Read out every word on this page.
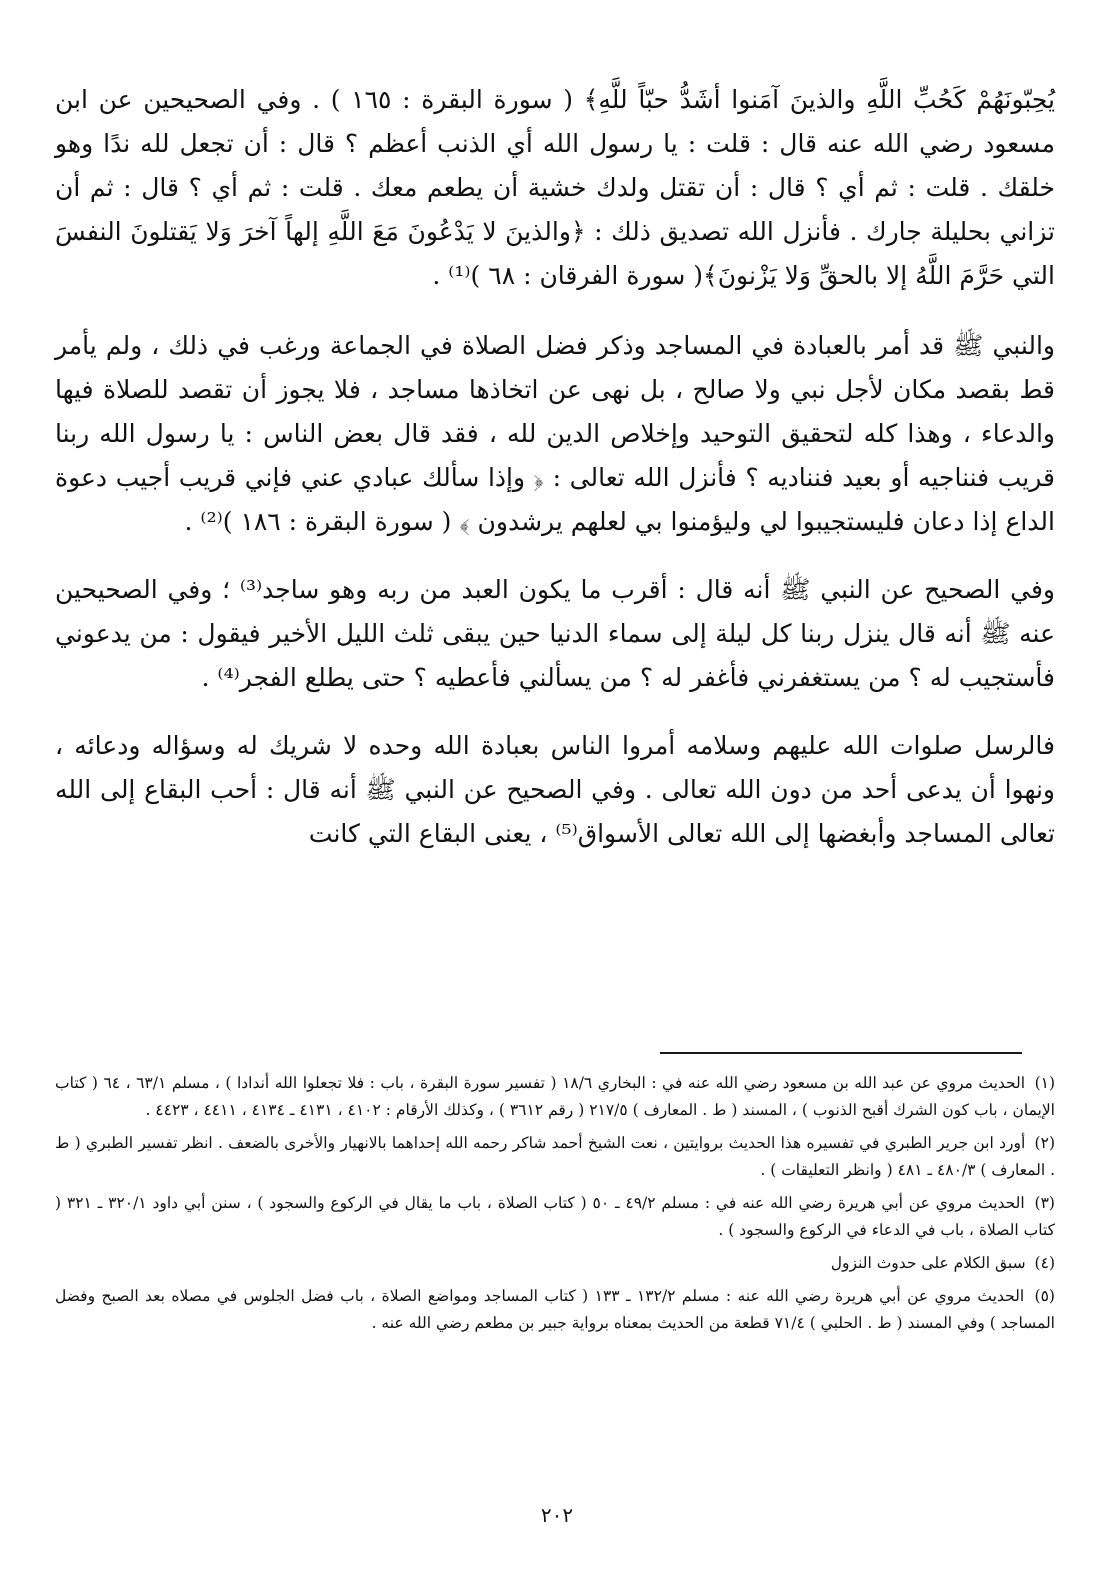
يُحِبّونَهُمْ كَحُبِّ اللَّهِ والذينَ آمَنوا أشَدُّ حبّاً للَّهِ﴾ ( سورة البقرة : ١٦٥ ) . وفي الصحيحين عن ابن مسعود رضي الله عنه قال : قلت : يا رسول الله أي الذنب أعظم ؟ قال : أن تجعل لله ندًا وهو خلقك . قلت : ثم أي ؟ قال : أن تقتل ولدك خشية أن يطعم معك . قلت : ثم أي ؟ قال : ثم أن تزاني بحليلة جارك . فأنزل الله تصديق ذلك : ﴿والذينَ لا يَدْعُونَ مَعَ اللَّهِ إلهاً آخرَ وَلا يَقتلونَ النفسَ التي حَرَّمَ اللَّهُ إلا بالحقِّ وَلا يَزْنونَ﴾( سورة الفرقان : ٦٨ )⁽¹⁾ .

والنبي ﷺ قد أمر بالعبادة في المساجد وذكر فضل الصلاة في الجماعة ورغب في ذلك ، ولم يأمر قط بقصد مكان لأجل نبي ولا صالح ، بل نهى عن اتخاذها مساجد ، فلا يجوز أن تقصد للصلاة فيها والدعاء ، وهذا كله لتحقيق التوحيد وإخلاص الدين لله ، فقد قال بعض الناس : يا رسول الله ربنا قريب فنناجيه أو بعيد فنناديه ؟ فأنزل الله تعالى : ﴿ وإذا سألك عبادي عني فإني قريب أجيب دعوة الداع إذا دعان فليستجيبوا لي وليؤمنوا بي لعلهم يرشدون ﴾ ( سورة البقرة : ١٨٦ )⁽²⁾ .

وفي الصحيح عن النبي ﷺ أنه قال : أقرب ما يكون العبد من ربه وهو ساجد⁽³⁾ ؛ وفي الصحيحين عنه ﷺ أنه قال ينزل ربنا كل ليلة إلى سماء الدنيا حين يبقى ثلث الليل الأخير فيقول : من يدعوني فأستجيب له ؟ من يستغفرني فأغفر له ؟ من يسألني فأعطيه ؟ حتى يطلع الفجر⁽⁴⁾ .

فالرسل صلوات الله عليهم وسلامه أمروا الناس بعبادة الله وحده لا شريك له وسؤاله ودعائه ، ونهوا أن يدعى أحد من دون الله تعالى . وفي الصحيح عن النبي ﷺ أنه قال : أحب البقاع إلى الله تعالى المساجد وأبغضها إلى الله تعالى الأسواق⁽⁵⁾ ، يعنى البقاع التي كانت

(١) الحديث مروي عن عبد الله بن مسعود رضي الله عنه في : البخاري ١٨/٦ ( تفسير سورة البقرة ، باب : فلا تجعلوا الله أندادا ) ، مسلم ٦٣/١ ، ٦٤ ( كتاب الإيمان ، باب كون الشرك أقبح الذنوب ) ، المسند ( ط . المعارف ) ٢١٧/٥ ( رقم ٣٦١٢ ) ، وكذلك الأرقام : ٤١٠٢ ، ٤١٣١ ـ ٤١٣٤ ، ٤٤١١ ، ٤٤٢٣ .

(٢) أورد ابن جرير الطبري في تفسيره هذا الحديث بروايتين ، نعت الشيخ أحمد شاكر رحمه الله إحداهما بالانهيار والأخرى بالضعف . انظر تفسير الطبري ( ط . المعارف ) ٤٨٠/٣ ـ ٤٨١ ( وانظر التعليقات ) .

(٣) الحديث مروي عن أبي هريرة رضي الله عنه في : مسلم ٤٩/٢ ـ ٥٠ ( كتاب الصلاة ، باب ما يقال في الركوع والسجود ) ، سنن أبي داود ٣٢٠/١ ـ ٣٢١ ( كتاب الصلاة ، باب في الدعاء في الركوع والسجود ) .

(٤) سبق الكلام على حدوث النزول

(٥) الحديث مروي عن أبي هريرة رضي الله عنه : مسلم ١٣٢/٢ ـ ١٣٣ ( كتاب المساجد ومواضع الصلاة ، باب فضل الجلوس في مصلاه بعد الصبح وفضل المساجد ) وفي المسند ( ط . الحلبي ) ٧١/٤ قطعة من الحديث بمعناه برواية جبير بن مطعم رضي الله عنه .

٢٠٢
